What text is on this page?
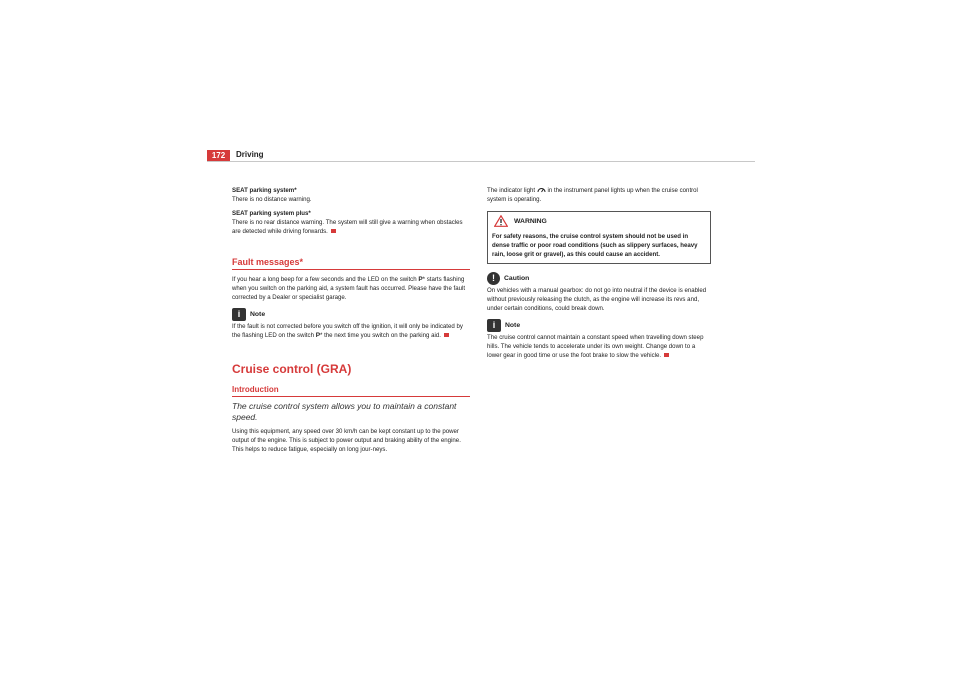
172	Driving

SEAT parking system*

There is no distance warning.

SEAT parking system plus*

There is no rear distance warning. The system will still give a warning when obstacles are detected while driving forwards.

Fault messages*

If you hear a long beep for a few seconds and the LED on the switch P* starts flashing when you switch on the parking aid, a system fault has occurred. Please have the fault corrected by a Dealer or specialist garage.

i	Note

If the fault is not corrected before you switch off the ignition, it will only be indicated by the flashing LED on the switch P* the next time you switch on the parking aid.

Cruise control (GRA)
Introduction

The cruise control system allows you to maintain a constant speed.

Using this equipment, any speed over 30 km/h can be kept constant up to the power output of the engine. This is subject to power output and braking ability of the engine. This helps to reduce fatigue, especially on long jour-neys.

The indicator light in the instrument panel lights up when the cruise control system is operating.

WARNING

For safety reasons, the cruise control system should not be used in dense traffic or poor road conditions (such as slippery surfaces, heavy rain, loose grit or gravel), as this could cause an accident.

!	Caution

On vehicles with a manual gearbox: do not go into neutral if the device is enabled without previously releasing the clutch, as the engine will increase its revs and, under certain conditions, could break down.

i	Note

The cruise control cannot maintain a constant speed when travelling down steep hills. The vehicle tends to accelerate under its own weight. Change down to a lower gear in good time or use the foot brake to slow the vehicle.
